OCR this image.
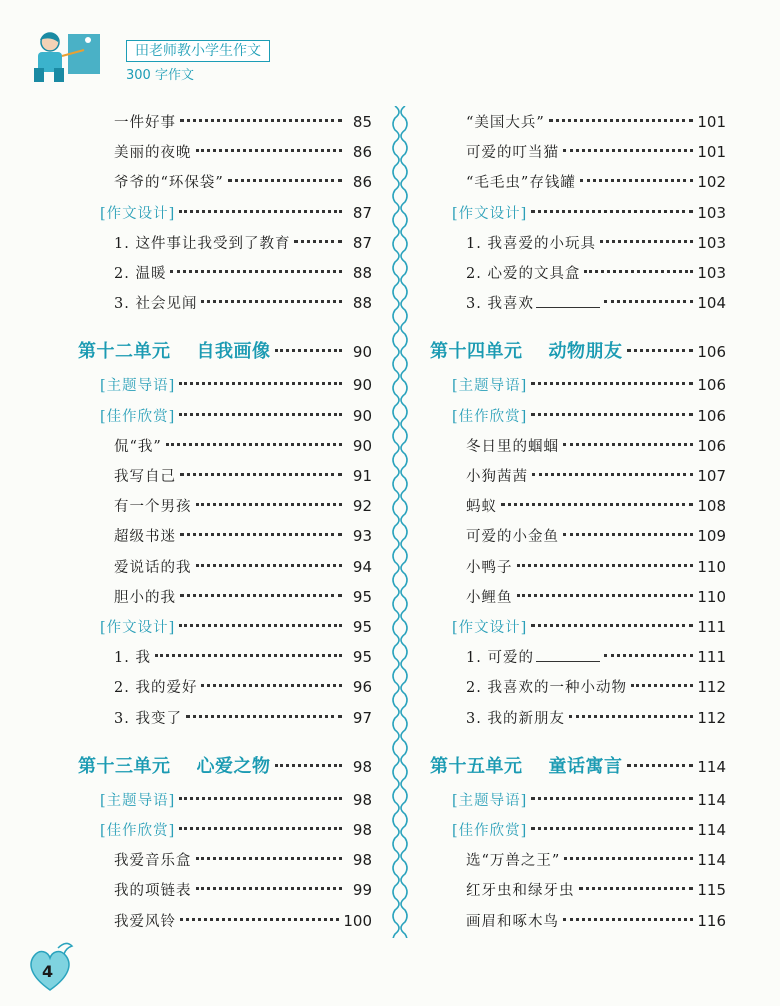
田老师教小学生作文
300 字作文
一件好事	85
美丽的夜晚	86
爷爷的“环保袋”	86
[作文设计]	87
1. 这件事让我受到了教育	87
2. 温暖	88
3. 社会见闻	88
第十二单元 自我画像	90
[主题导语]	90
[佳作欣赏]	90
侃“我”	90
我写自己	91
有一个男孩	92
超级书迷	93
爱说话的我	94
胆小的我	95
[作文设计]	95
1. 我	95
2. 我的爱好	96
3. 我变了	97
第十三单元 心爱之物	98
[主题导语]	98
[佳作欣赏]	98
我爱音乐盒	98
我的项链表	99
我爱风铃	100
“美国大兵”	101
可爱的叮当猫	101
“毛毛虫”存钱罐	102
[作文设计]	103
1. 我喜爱的小玩具	103
2. 心爱的文具盒	103
3. 我喜欢	104
第十四单元 动物朋友	106
[主题导语]	106
[佳作欣赏]	106
冬日里的蝈蝈	106
小狗茜茜	107
蚂蚁	108
可爱的小金鱼	109
小鸭子	110
小鲤鱼	110
[作文设计]	111
1. 可爱的	111
2. 我喜欢的一种小动物	112
3. 我的新朋友	112
第十五单元 童话寓言	114
[主题导语]	114
[佳作欣赏]	114
选“万兽之王”	114
红牙虫和绿牙虫	115
画眉和啄木鸟	116
4
